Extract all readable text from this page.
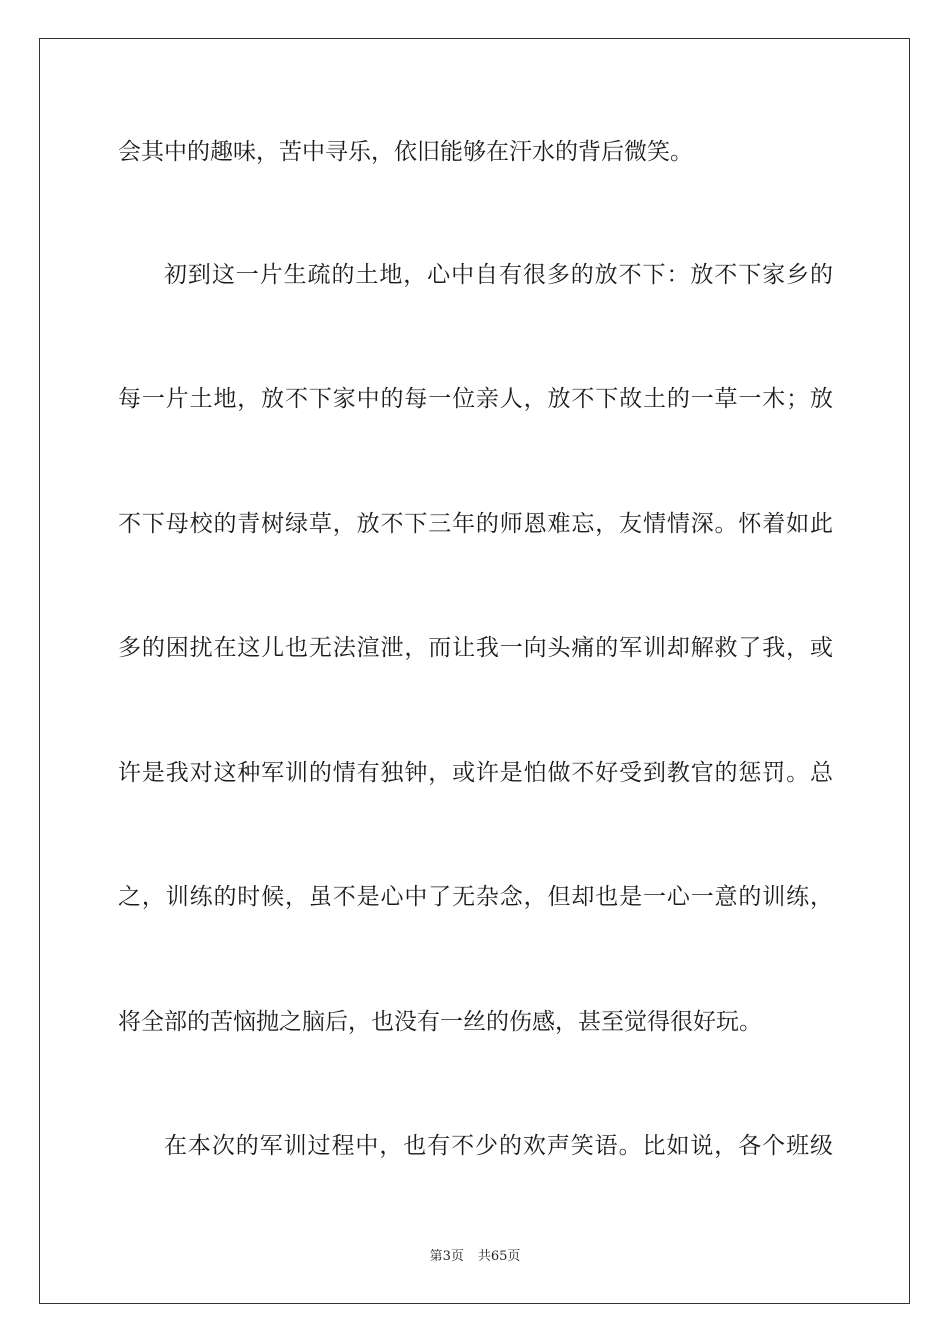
会其中的趣味，苦中寻乐，依旧能够在汗水的背后微笑。
初到这一片生疏的土地，心中自有很多的放不下：放不下家乡的
每一片土地，放不下家中的每一位亲人，放不下故土的一草一木；放
不下母校的青树绿草，放不下三年的师恩难忘，友情情深。怀着如此
多的困扰在这儿也无法渲泄，而让我一向头痛的军训却解救了我，或
许是我对这种军训的情有独钟，或许是怕做不好受到教官的惩罚。总
之，训练的时候，虽不是心中了无杂念，但却也是一心一意的训练，
将全部的苦恼抛之脑后，也没有一丝的伤感，甚至觉得很好玩。
在本次的军训过程中，也有不少的欢声笑语。比如说，各个班级
第3页 共65页
